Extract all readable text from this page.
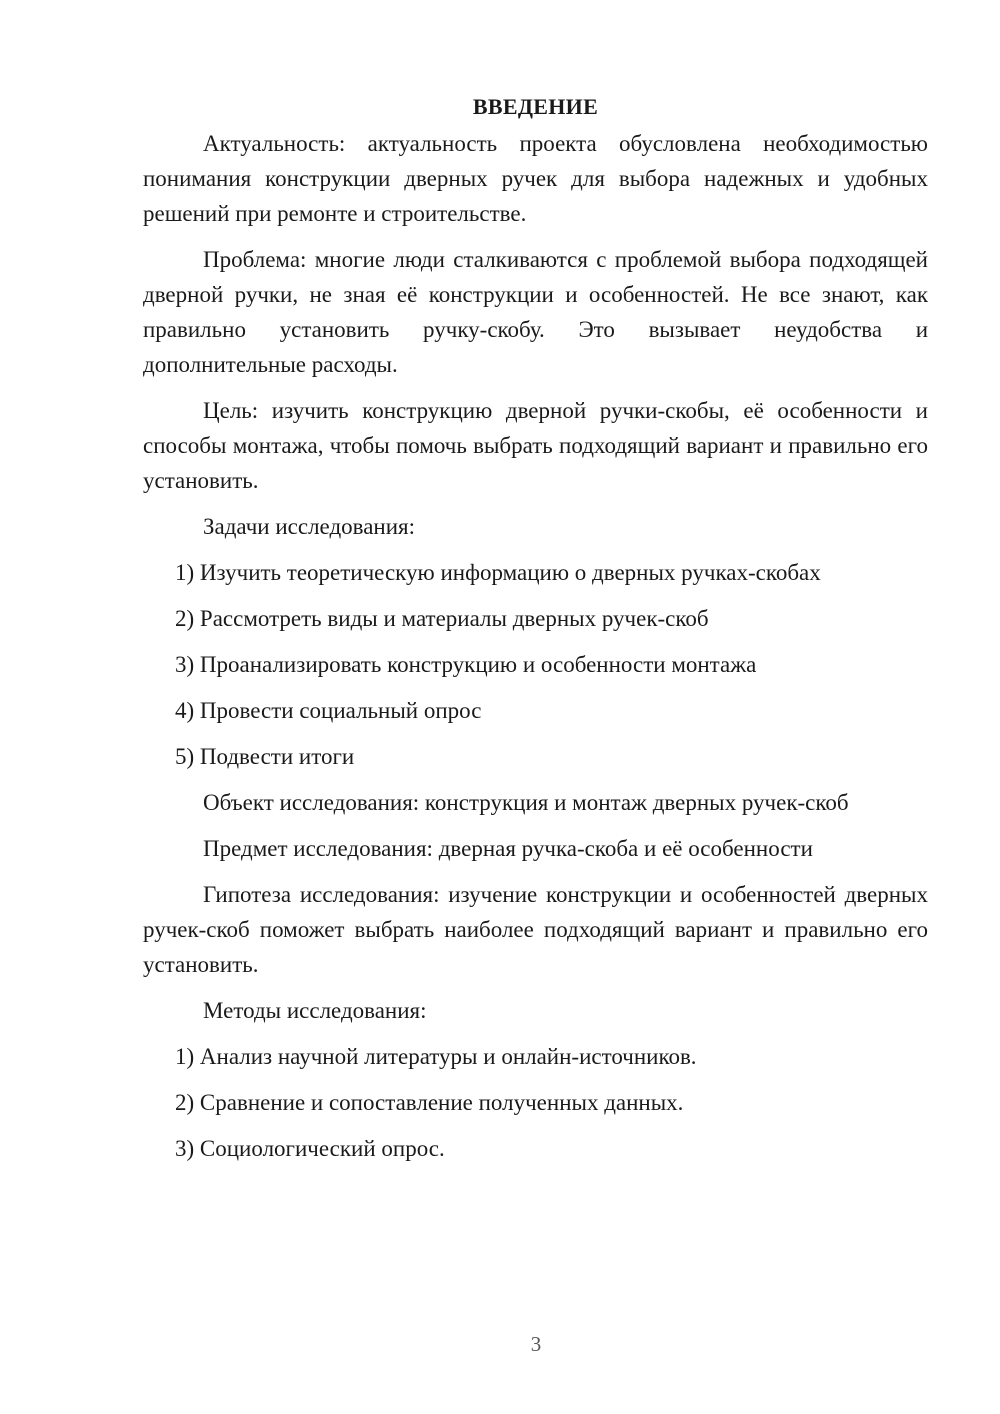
ВВЕДЕНИЕ

Актуальность: актуальность проекта обусловлена необходимостью понимания конструкции дверных ручек для выбора надежных и удобных решений при ремонте и строительстве.

Проблема: многие люди сталкиваются с проблемой выбора подходящей дверной ручки, не зная её конструкции и особенностей. Не все знают, как правильно установить ручку-скобу. Это вызывает неудобства и дополнительные расходы.

Цель: изучить конструкцию дверной ручки-скобы, её особенности и способы монтажа, чтобы помочь выбрать подходящий вариант и правильно его установить.

Задачи исследования:
1) Изучить теоретическую информацию о дверных ручках-скобах
2) Рассмотреть виды и материалы дверных ручек-скоб
3) Проанализировать конструкцию и особенности монтажа
4) Провести социальный опрос
5) Подвести итоги
Объект исследования: конструкция и монтаж дверных ручек-скоб
Предмет исследования: дверная ручка-скоба и её особенности

Гипотеза исследования: изучение конструкции и особенностей дверных ручек-скоб поможет выбрать наиболее подходящий вариант и правильно его установить.

Методы исследования:
1) Анализ научной литературы и онлайн-источников.
2) Сравнение и сопоставление полученных данных.
3) Социологический опрос.
3
